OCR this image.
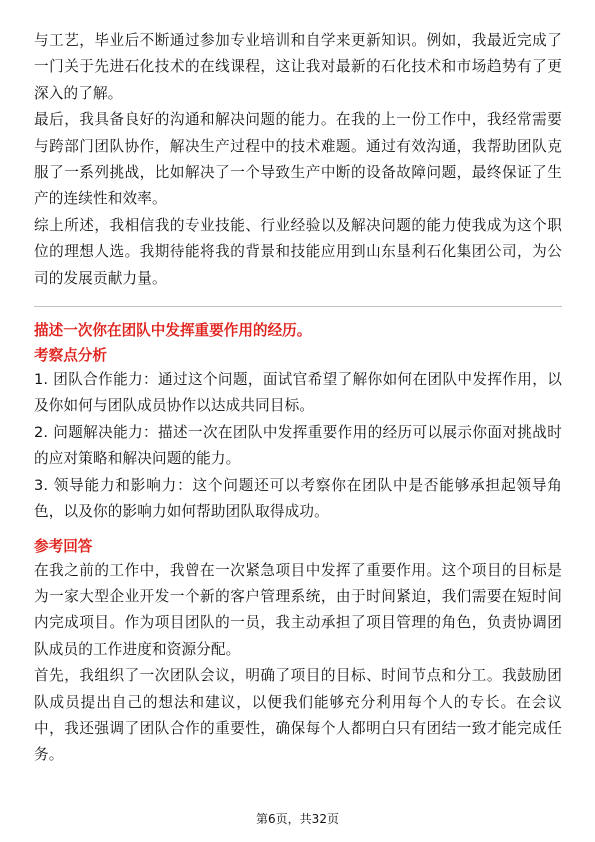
与工艺，毕业后不断通过参加专业培训和自学来更新知识。例如，我最近完成了一门关于先进石化技术的在线课程，这让我对最新的石化技术和市场趋势有了更深入的了解。

最后，我具备良好的沟通和解决问题的能力。在我的上一份工作中，我经常需要与跨部门团队协作，解决生产过程中的技术难题。通过有效沟通，我帮助团队克服了一系列挑战，比如解决了一个导致生产中断的设备故障问题，最终保证了生产的连续性和效率。

综上所述，我相信我的专业技能、行业经验以及解决问题的能力使我成为这个职位的理想人选。我期待能将我的背景和技能应用到山东垦利石化集团公司，为公司的发展贡献力量。

描述一次你在团队中发挥重要作用的经历。
考察点分析

1. 团队合作能力：通过这个问题，面试官希望了解你如何在团队中发挥作用，以及你如何与团队成员协作以达成共同目标。

2. 问题解决能力：描述一次在团队中发挥重要作用的经历可以展示你面对挑战时的应对策略和解决问题的能力。

3. 领导能力和影响力：这个问题还可以考察你在团队中是否能够承担起领导角色，以及你的影响力如何帮助团队取得成功。

参考回答

在我之前的工作中，我曾在一次紧急项目中发挥了重要作用。这个项目的目标是为一家大型企业开发一个新的客户管理系统，由于时间紧迫，我们需要在短时间内完成项目。作为项目团队的一员，我主动承担了项目管理的角色，负责协调团队成员的工作进度和资源分配。

首先，我组织了一次团队会议，明确了项目的目标、时间节点和分工。我鼓励团队成员提出自己的想法和建议，以便我们能够充分利用每个人的专长。在会议中，我还强调了团队合作的重要性，确保每个人都明白只有团结一致才能完成任务。

第6页，共32页
